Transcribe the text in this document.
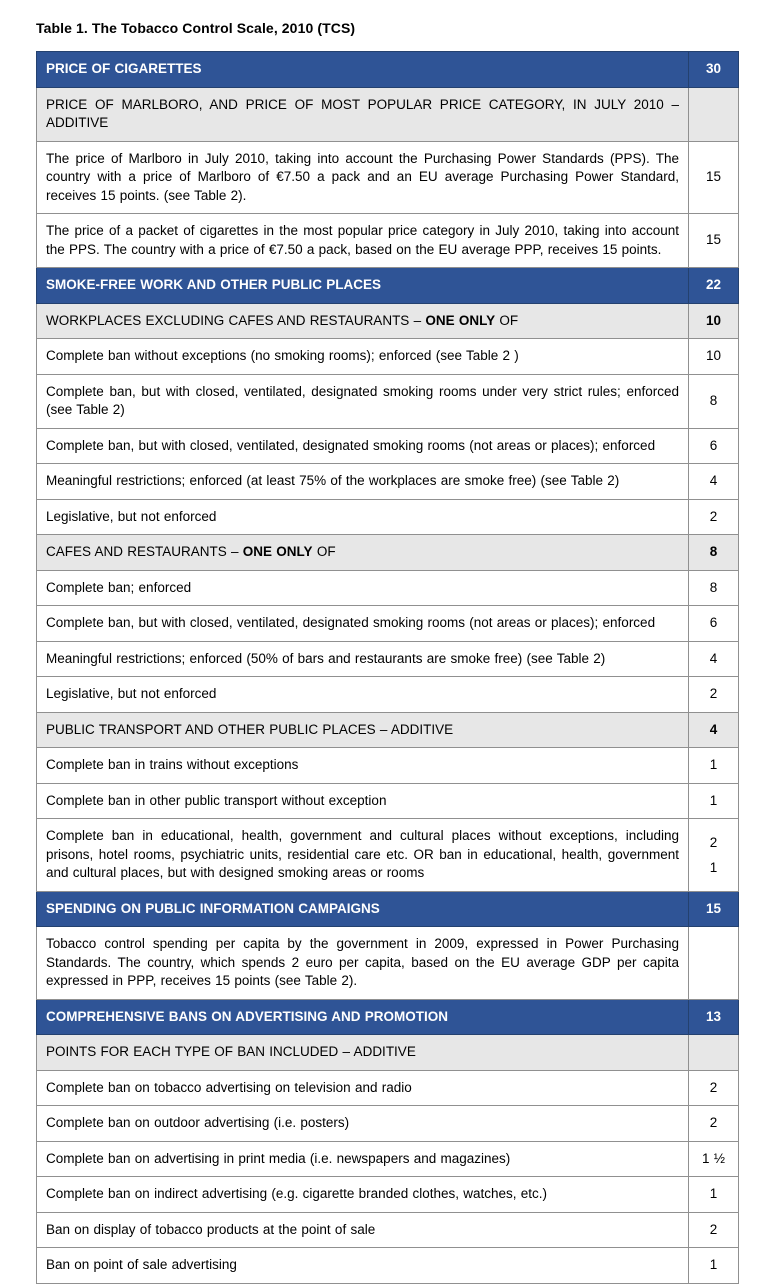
Table 1. The Tobacco Control Scale, 2010 (TCS)

PRICE OF CIGARETTES	30
PRICE OF MARLBORO, AND PRICE OF MOST POPULAR PRICE CATEGORY, IN JULY 2010 – ADDITIVE	
The price of Marlboro in July 2010, taking into account the Purchasing Power Standards (PPS). The country with a price of Marlboro of €7.50 a pack and an EU average Purchasing Power Standard, receives 15 points. (see Table 2).	15
The price of a packet of cigarettes in the most popular price category in July 2010, taking into account the PPS. The country with a price of €7.50 a pack, based on the EU average PPP, receives 15 points.	15
SMOKE-FREE WORK AND OTHER PUBLIC PLACES	22
WORKPLACES EXCLUDING CAFES AND RESTAURANTS – ONE ONLY OF	10
Complete ban without exceptions (no smoking rooms); enforced (see Table 2 )	10
Complete ban, but with closed, ventilated, designated smoking rooms under very strict rules; enforced (see Table 2)	8
Complete ban, but with closed, ventilated, designated smoking rooms (not areas or places); enforced	6
Meaningful restrictions; enforced (at least 75% of the workplaces are smoke free) (see Table 2)	4
Legislative, but not enforced	2
CAFES AND RESTAURANTS – ONE ONLY OF	8
Complete ban; enforced	8
Complete ban, but with closed, ventilated, designated smoking rooms (not areas or places); enforced	6
Meaningful restrictions; enforced (50% of bars and restaurants are smoke free) (see Table 2)	4
Legislative, but not enforced	2
PUBLIC TRANSPORT AND OTHER PUBLIC PLACES – ADDITIVE	4
Complete ban in trains without exceptions	1
Complete ban in other public transport without exception	1
Complete ban in educational, health, government and cultural places without exceptions, including prisons, hotel rooms, psychiatric units, residential care etc. OR ban in educational, health, government and cultural places, but with designed smoking areas or rooms	2
1

SPENDING ON PUBLIC INFORMATION CAMPAIGNS	15
Tobacco control spending per capita by the government in 2009, expressed in Power Purchasing Standards. The country, which spends 2 euro per capita, based on the EU average GDP per capita expressed in PPP, receives 15 points (see Table 2).	
COMPREHENSIVE BANS ON ADVERTISING AND PROMOTION	13
POINTS FOR EACH TYPE OF BAN INCLUDED – ADDITIVE	
Complete ban on tobacco advertising on television and radio	2
Complete ban on outdoor advertising (i.e. posters)	2
Complete ban on advertising in print media (i.e. newspapers and magazines)	1 ½
Complete ban on indirect advertising (e.g. cigarette branded clothes, watches, etc.)	1
Ban on display of tobacco products at the point of sale	2
Ban on point of sale advertising	1
